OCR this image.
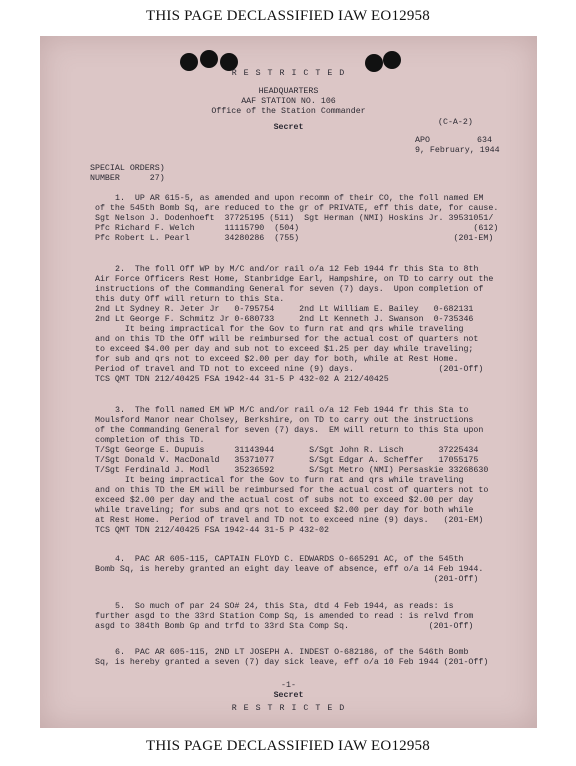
THIS PAGE DECLASSIFIED IAW EO12958
R E S T R I C T E D
HEADQUARTERS
AAF STATION NO. 106
Office of the Station Commander
Secret
(C-A-2)
APO	634
9, February, 1944
SPECIAL ORDERS)
NUMBER      27)
1.  UP AR 615-5, as amended and upon recomm of their CO, the foll named EM
of the 545th Bomb Sq, are reduced to the gr of PRIVATE, eff this date, for cause.
Sgt Nelson J. Dodenhoeft  37725195 (511)  Sgt Herman (NMI) Hoskins Jr. 39531051/
Pfc Richard F. Welch      11115790  (504)                                   (612)
Pfc Robert L. Pearl       34280286  (755)                               (201-EM)
2.  The foll Off WP by M/C and/or rail o/a 12 Feb 1944 fr this Sta to 8th
Air Force Officers Rest Home, Stanbridge Earl, Hampshire, on TD to carry out the
instructions of the Commanding General for seven (7) days.  Upon completion of
this duty Off will return to this Sta.
2nd Lt Sydney R. Jeter Jr   0-795754     2nd Lt William E. Bailey   0-682131
2nd Lt George F. Schmitz Jr 0-680733     2nd Lt Kenneth J. Swanson  0-735346
It being impractical for the Gov to furn rat and qrs while traveling
and on this TD the Off will be reimbursed for the actual cost of quarters not
to exceed $4.00 per day and sub not to exceed $1.25 per day while traveling;
for sub and qrs not to exceed $2.00 per day for both, while at Rest Home.
Period of travel and TD not to exceed nine (9) days.                 (201-Off)
TCS QMT TDN 212/40425 FSA 1942-44 31-5 P 432-02 A 212/40425
3.  The foll named EM WP M/C and/or rail o/a 12 Feb 1944 fr this Sta to
Moulsford Manor near Cholsey, Berkshire, on TD to carry out the instructions
of the Commanding General for seven (7) days.  EM will return to this Sta upon
completion of this TD.
T/Sgt George E. Dupuis      31143944       S/Sgt John R. Lisch       37225434
T/Sgt Donald V. MacDonald   35371077       S/Sgt Edgar A. Scheffer   17055175
T/Sgt Ferdinald J. Modl     35236592       S/Sgt Metro (NMI) Persaskie 33268630
It being impractical for the Gov to furn rat and qrs while traveling
and on this TD the EM will be reimbursed for the actual cost of quarters not to
exceed $2.00 per day and the actual cost of subs not to exceed $2.00 per day
while traveling; for subs and qrs not to exceed $2.00 per day for both while
at Rest Home.  Period of travel and TD not to exceed nine (9) days.   (201-EM)
TCS QMT TDN 212/40425 FSA 1942-44 31-5 P 432-02
4.  PAC AR 605-115, CAPTAIN FLOYD C. EDWARDS O-665291 AC, of the 545th
Bomb Sq, is hereby granted an eight day leave of absence, eff o/a 14 Feb 1944.
(201-Off)
5.  So much of par 24 SO# 24, this Sta, dtd 4 Feb 1944, as reads: is
further asgd to the 33rd Station Comp Sq, is amended to read : is relvd from
asgd to 384th Bomb Gp and trfd to 33rd Sta Comp Sq.                (201-Off)
6.  PAC AR 605-115, 2ND LT JOSEPH A. INDEST O-682186, of the 546th Bomb
Sq, is hereby granted a seven (7) day sick leave, eff o/a 10 Feb 1944 (201-Off)
-1-
Secret
R E S T R I C T E D
THIS PAGE DECLASSIFIED IAW EO12958
